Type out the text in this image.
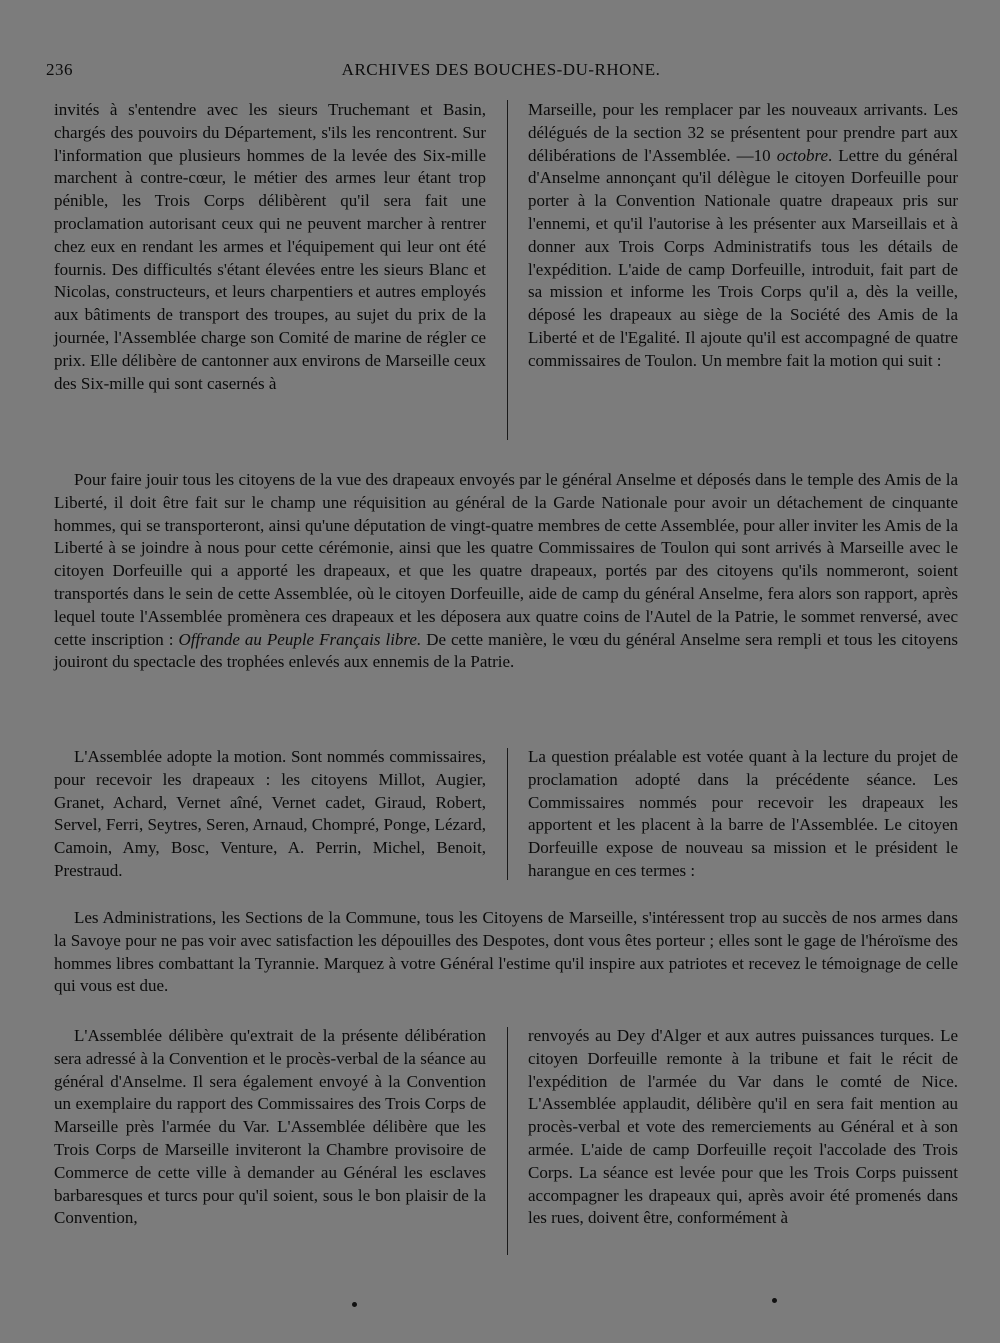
236	ARCHIVES DES BOUCHES-DU-RHONE.

invités à s'entendre avec les sieurs Truchemant et Basin, chargés des pouvoirs du Département, s'ils les rencontrent. Sur l'information que plusieurs hommes de la levée des Six-mille marchent à contre-cœur, le métier des armes leur étant trop pénible, les Trois Corps délibèrent qu'il sera fait une proclamation autorisant ceux qui ne peuvent marcher à rentrer chez eux en rendant les armes et l'équipement qui leur ont été fournis. Des difficultés s'étant élevées entre les sieurs Blanc et Nicolas, constructeurs, et leurs charpentiers et autres employés aux bâtiments de transport des troupes, au sujet du prix de la journée, l'Assemblée charge son Comité de marine de régler ce prix. Elle délibère de cantonner aux environs de Marseille ceux des Six-mille qui sont casernés à

Marseille, pour les remplacer par les nouveaux arrivants. Les délégués de la section 32 se présentent pour prendre part aux délibérations de l'Assemblée. —10 octobre. Lettre du général d'Anselme annonçant qu'il délègue le citoyen Dorfeuille pour porter à la Convention Nationale quatre drapeaux pris sur l'ennemi, et qu'il l'autorise à les présenter aux Marseillais et à donner aux Trois Corps Administratifs tous les détails de l'expédition. L'aide de camp Dorfeuille, introduit, fait part de sa mission et informe les Trois Corps qu'il a, dès la veille, déposé les drapeaux au siège de la Société des Amis de la Liberté et de l'Egalité. Il ajoute qu'il est accompagné de quatre commissaires de Toulon. Un membre fait la motion qui suit :

Pour faire jouir tous les citoyens de la vue des drapeaux envoyés par le général Anselme et déposés dans le temple des Amis de la Liberté, il doit être fait sur le champ une réquisition au général de la Garde Nationale pour avoir un détachement de cinquante hommes, qui se transporteront, ainsi qu'une députation de vingt-quatre membres de cette Assemblée, pour aller inviter les Amis de la Liberté à se joindre à nous pour cette cérémonie, ainsi que les quatre Commissaires de Toulon qui sont arrivés à Marseille avec le citoyen Dorfeuille qui a apporté les drapeaux, et que les quatre drapeaux, portés par des citoyens qu'ils nommeront, soient transportés dans le sein de cette Assemblée, où le citoyen Dorfeuille, aide de camp du général Anselme, fera alors son rapport, après lequel toute l'Assemblée promènera ces drapeaux et les déposera aux quatre coins de l'Autel de la Patrie, le sommet renversé, avec cette inscription : Offrande au Peuple Français libre. De cette manière, le vœu du général Anselme sera rempli et tous les citoyens jouiront du spectacle des trophées enlevés aux ennemis de la Patrie.

L'Assemblée adopte la motion. Sont nommés commissaires, pour recevoir les drapeaux : les citoyens Millot, Augier, Granet, Achard, Vernet aîné, Vernet cadet, Giraud, Robert, Servel, Ferri, Seytres, Seren, Arnaud, Chompré, Ponge, Lézard, Camoin, Amy, Bosc, Venture, A. Perrin, Michel, Benoit, Prestraud.

La question préalable est votée quant à la lecture du projet de proclamation adopté dans la précédente séance. Les Commissaires nommés pour recevoir les drapeaux les apportent et les placent à la barre de l'Assemblée. Le citoyen Dorfeuille expose de nouveau sa mission et le président le harangue en ces termes :

Les Administrations, les Sections de la Commune, tous les Citoyens de Marseille, s'intéressent trop au succès de nos armes dans la Savoye pour ne pas voir avec satisfaction les dépouilles des Despotes, dont vous êtes porteur ; elles sont le gage de l'héroïsme des hommes libres combattant la Tyrannie. Marquez à votre Général l'estime qu'il inspire aux patriotes et recevez le témoignage de celle qui vous est due.

L'Assemblée délibère qu'extrait de la présente délibération sera adressé à la Convention et le procès-verbal de la séance au général d'Anselme. Il sera également envoyé à la Convention un exemplaire du rapport des Commissaires des Trois Corps de Marseille près l'armée du Var. L'Assemblée délibère que les Trois Corps de Marseille inviteront la Chambre provisoire de Commerce de cette ville à demander au Général les esclaves barbaresques et turcs pour qu'il soient, sous le bon plaisir de la Convention,

renvoyés au Dey d'Alger et aux autres puissances turques. Le citoyen Dorfeuille remonte à la tribune et fait le récit de l'expédition de l'armée du Var dans le comté de Nice. L'Assemblée applaudit, délibère qu'il en sera fait mention au procès-verbal et vote des remerciements au Général et à son armée. L'aide de camp Dorfeuille reçoit l'accolade des Trois Corps. La séance est levée pour que les Trois Corps puissent accompagner les drapeaux qui, après avoir été promenés dans les rues, doivent être, conformément à
